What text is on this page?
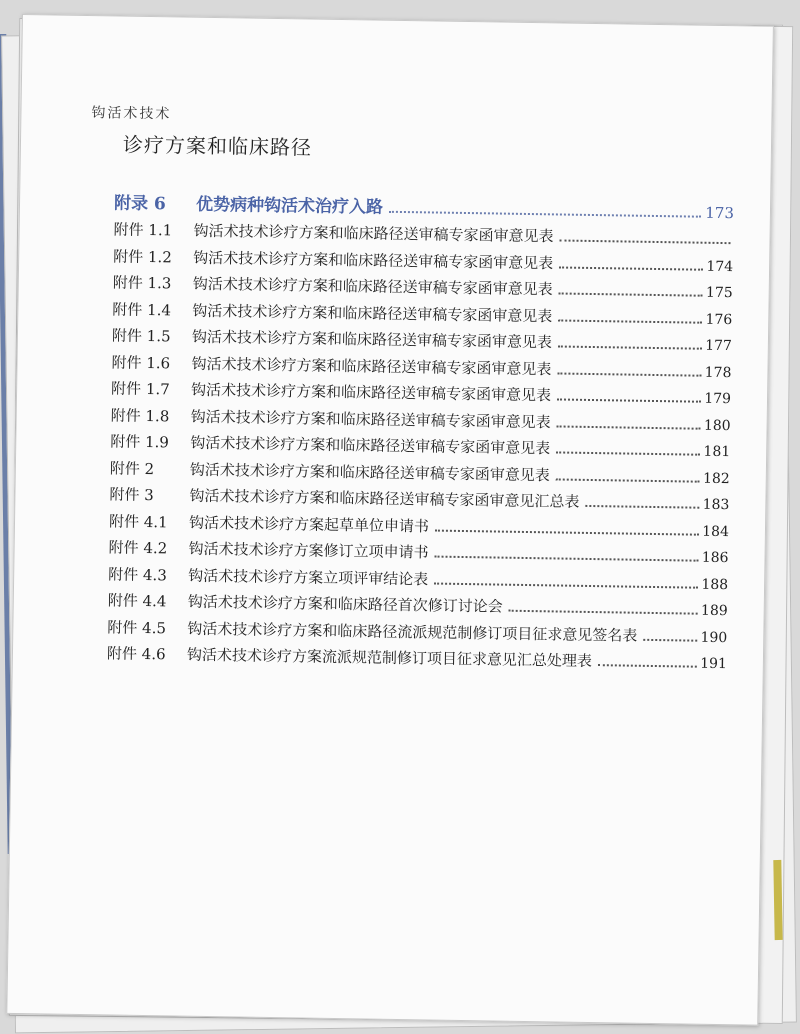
钩活术技术
诊疗方案和临床路径
附录 6	优势病种钩活术治疗入路	173
附件 1.1	钩活术技术诊疗方案和临床路径送审稿专家函审意见表
附件 1.2	钩活术技术诊疗方案和临床路径送审稿专家函审意见表	174
附件 1.3	钩活术技术诊疗方案和临床路径送审稿专家函审意见表	175
附件 1.4	钩活术技术诊疗方案和临床路径送审稿专家函审意见表	176
附件 1.5	钩活术技术诊疗方案和临床路径送审稿专家函审意见表	177
附件 1.6	钩活术技术诊疗方案和临床路径送审稿专家函审意见表	178
附件 1.7	钩活术技术诊疗方案和临床路径送审稿专家函审意见表	179
附件 1.8	钩活术技术诊疗方案和临床路径送审稿专家函审意见表	180
附件 1.9	钩活术技术诊疗方案和临床路径送审稿专家函审意见表	181
附件 2	钩活术技术诊疗方案和临床路径送审稿专家函审意见表	182
附件 3	钩活术技术诊疗方案和临床路径送审稿专家函审意见汇总表	183
附件 4.1	钩活术技术诊疗方案起草单位申请书	184
附件 4.2	钩活术技术诊疗方案修订立项申请书	186
附件 4.3	钩活术技术诊疗方案立项评审结论表	188
附件 4.4	钩活术技术诊疗方案和临床路径首次修订讨论会	189
附件 4.5	钩活术技术诊疗方案和临床路径流派规范制修订项目征求意见签名表	190
附件 4.6	钩活术技术诊疗方案流派规范制修订项目征求意见汇总处理表	191
